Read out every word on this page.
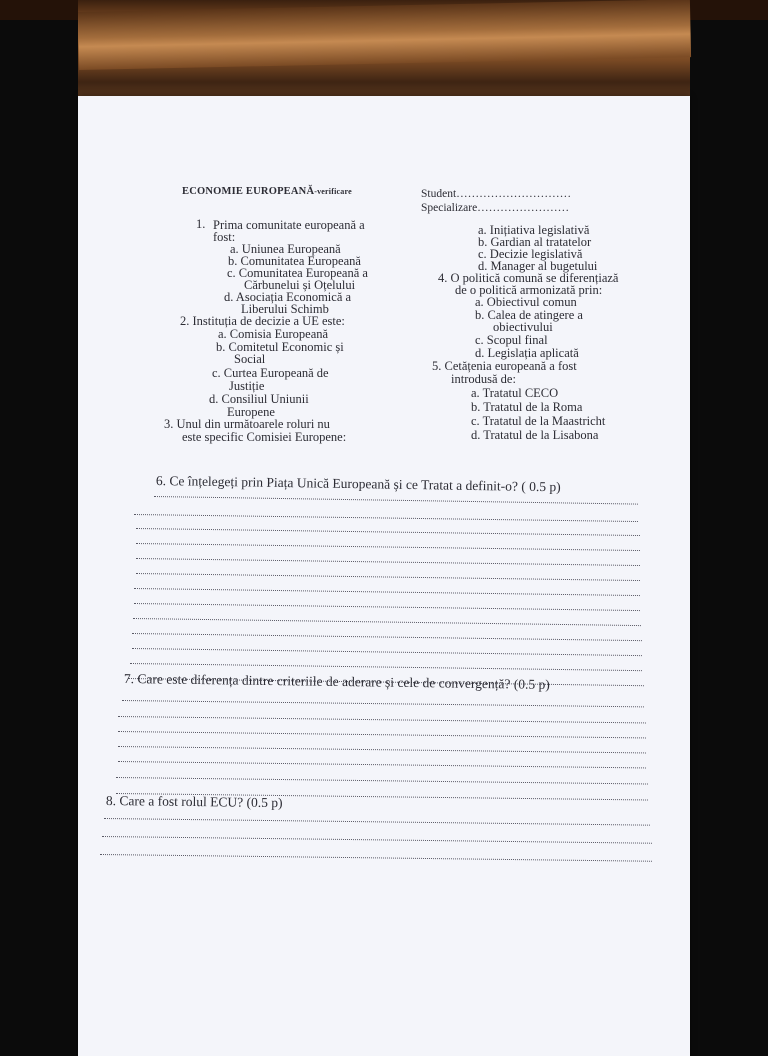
ECONOMIE EUROPEANĂ-verificare	Student…………………………
Specializare……………………
1. Prima comunitate europeană a
fost:
a. Uniunea Europeană
b. Comunitatea Europeană
c. Comunitatea Europeană a
Cărbunelui și Oțelului
d. Asociația Economică a
Liberului Schimb
2. Instituția de decizie a UE este:
a. Comisia Europeană
b. Comitetul Economic și
Social
c. Curtea Europeană de
Justiție
d. Consiliul Uniunii
Europene
3. Unul din următoarele roluri nu
este specific Comisiei Europene:
a. Inițiativa legislativă
b. Gardian al tratatelor
c. Decizie legislativă
d. Manager al bugetului
4. O politică comună se diferențiază
de o politică armonizată prin:
a. Obiectivul comun
b. Calea de atingere a
obiectivului
c. Scopul final
d. Legislația aplicată
5. Cetățenia europeană a fost
introdusă de:
a. Tratatul CECO
b. Tratatul de la Roma
c. Tratatul de la Maastricht
d. Tratatul de la Lisabona
6. Ce înțelegeți prin Piața Unică Europeană și ce Tratat a definit-o? ( 0.5 p)
7. Care este diferența dintre criteriile de aderare și cele de convergență? (0.5 p)
8. Care a fost rolul ECU? (0.5 p)
